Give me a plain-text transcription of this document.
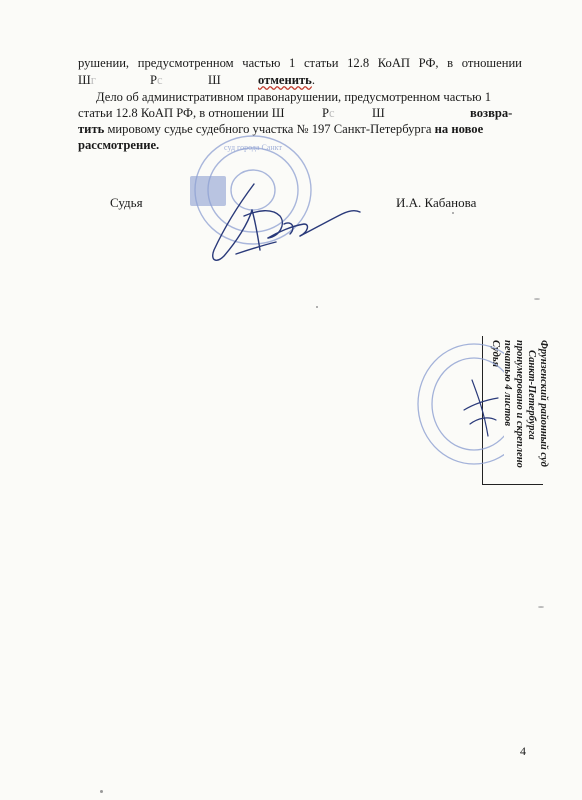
рушении, предусмотренном частью 1 статьи 12.8 КоАП РФ, в отношении
Шг	Рс	Ш	отменить.
Дело об административном правонарушении, предусмотренном частью 1
статьи 12.8 КоАП РФ, в отношении Ш	Рс	Ш	возвра-
тить мировому судье судебного участка № 197 Санкт-Петербурга на новое
рассмотрение.	суд города Санкт
Судья	И.А. Кабанова
Фрунзенский районный суд
Санкт-Петербурга
пронумеровано и скреплено
печатью 4 листов
Судья
4
